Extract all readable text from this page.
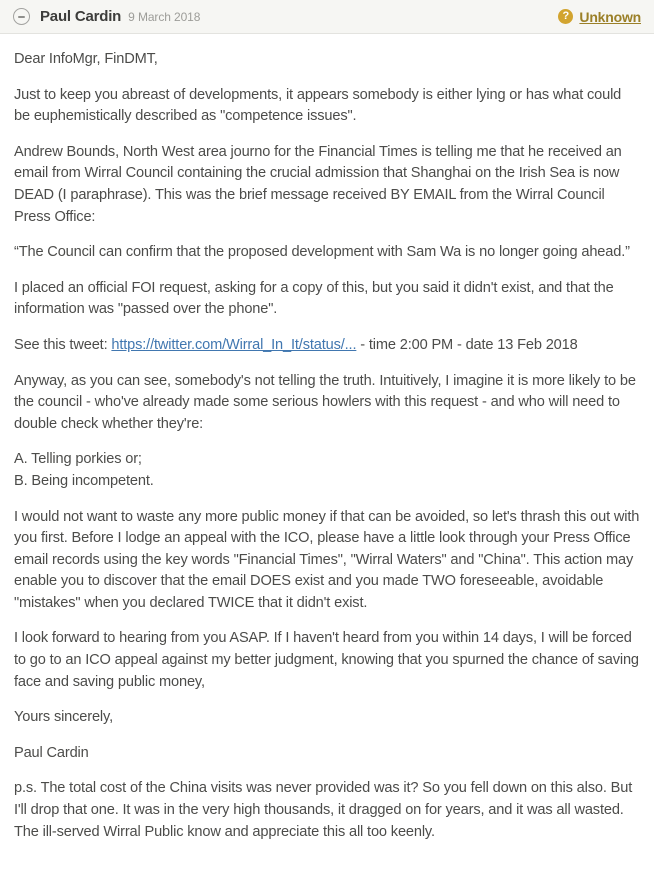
Paul Cardin 9 March 2018	? Unknown

Dear InfoMgr, FinDMT,

Just to keep you abreast of developments, it appears somebody is either lying or has what could be euphemistically described as "competence issues".

Andrew Bounds, North West area journo for the Financial Times is telling me that he received an email from Wirral Council containing the crucial admission that Shanghai on the Irish Sea is now DEAD (I paraphrase). This was the brief message received BY EMAIL from the Wirral Council Press Office:

“The Council can confirm that the proposed development with Sam Wa is no longer going ahead.”

I placed an official FOI request, asking for a copy of this, but you said it didn't exist, and that the information was "passed over the phone".

See this tweet: https://twitter.com/Wirral_In_It/status/... - time 2:00 PM - date 13 Feb 2018

Anyway, as you can see, somebody's not telling the truth. Intuitively, I imagine it is more likely to be the council - who've already made some serious howlers with this request - and who will need to double check whether they're:

A. Telling porkies or;
B. Being incompetent.

I would not want to waste any more public money if that can be avoided, so let's thrash this out with you first. Before I lodge an appeal with the ICO, please have a little look through your Press Office email records using the key words "Financial Times", "Wirral Waters" and "China". This action may enable you to discover that the email DOES exist and you made TWO foreseeable, avoidable "mistakes" when you declared TWICE that it didn't exist.

I look forward to hearing from you ASAP. If I haven't heard from you within 14 days, I will be forced to go to an ICO appeal against my better judgment, knowing that you spurned the chance of saving face and saving public money,

Yours sincerely,

Paul Cardin

p.s. The total cost of the China visits was never provided was it? So you fell down on this also. But I'll drop that one. It was in the very high thousands, it dragged on for years, and it was all wasted. The ill-served Wirral Public know and appreciate this all too keenly.
